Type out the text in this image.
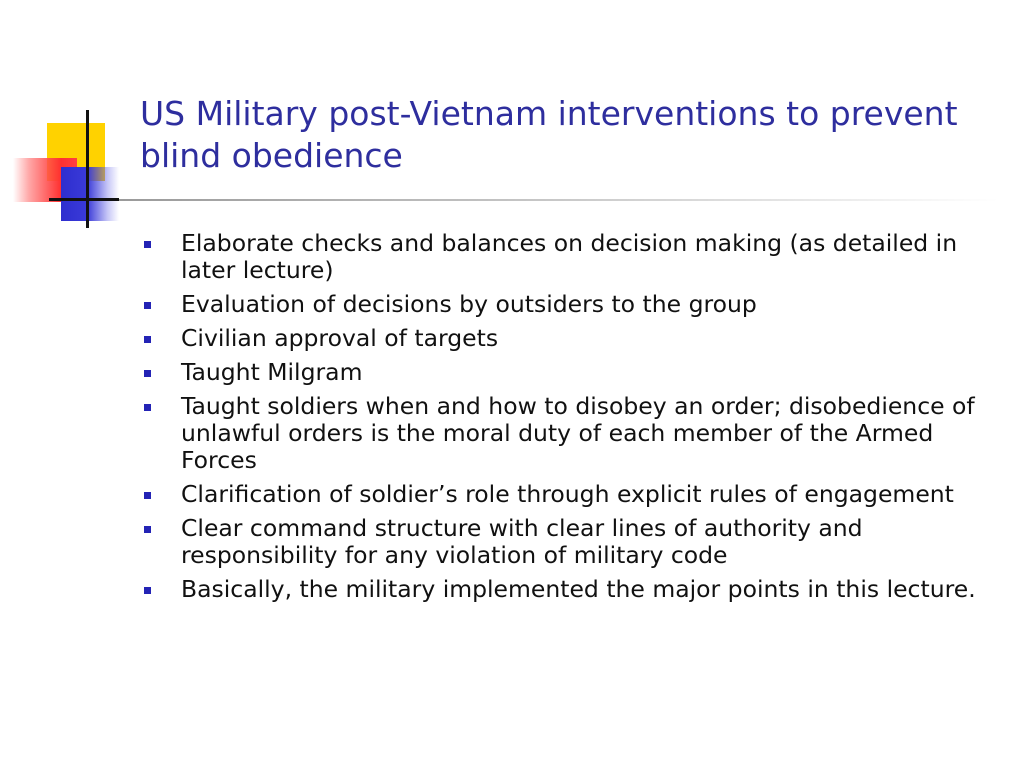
US Military post-Vietnam interventions to prevent blind obedience
Elaborate checks and balances on decision making (as detailed in later lecture)
Evaluation of decisions by outsiders to the group
Civilian approval of targets
Taught Milgram
Taught soldiers when and how to disobey an order; disobedience of unlawful orders is the moral duty of each member of the Armed Forces
Clarification of soldier’s role through explicit rules of engagement
Clear command structure with clear lines of authority and responsibility for any violation of military code
Basically, the military implemented the major points in this lecture.
